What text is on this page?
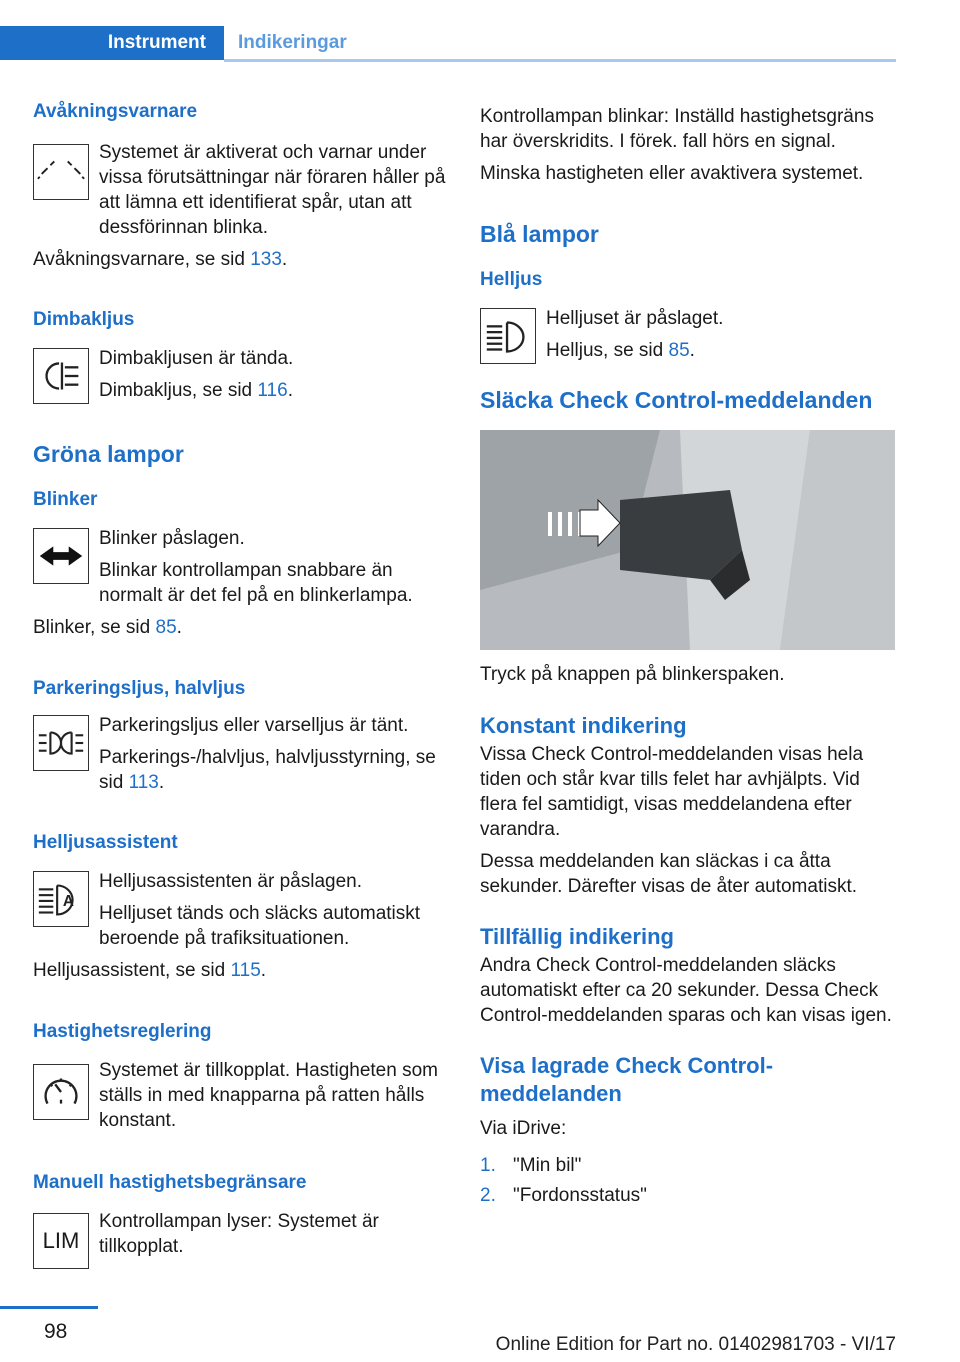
Instrument Indikeringar
Avåkningsvarnare

Systemet är aktiverat och varnar under vissa förutsättningar när föraren håller på att lämna ett identifierat spår, utan att dessförinnan blinka.

Avåkningsvarnare, se sid 133.

Dimbakljus

Dimbakljusen är tända.

Dimbakljus, se sid 116.

Gröna lampor
Blinker

Blinker påslagen.

Blinkar kontrollampan snabbare än normalt är det fel på en blinkerlampa.

Blinker, se sid 85.

Parkeringsljus, halvljus

Parkeringsljus eller varselljus är tänt.

Parkerings-/halvljus, halvljusstyrning, se sid 113.

Helljusassistent
A

Helljusassistenten är påslagen.

Helljuset tänds och släcks automatiskt beroende på trafiksituationen.

Helljusassistent, se sid 115.

Hastighetsreglering

Systemet är tillkopplat. Hastigheten som ställs in med knapparna på ratten hålls konstant.

Manuell hastighetsbegränsare
LIM

Kontrollampan lyser: Systemet är tillkopplat.

Kontrollampan blinkar: Inställd hastighetsgräns har överskridits. I förek. fall hörs en signal.

Minska hastigheten eller avaktivera systemet.

Blå lampor
Helljus

Helljuset är påslaget.

Helljus, se sid 85.

Släcka Check Control-meddelanden

Tryck på knappen på blinkerspaken.

Konstant indikering

Vissa Check Control-meddelanden visas hela tiden och står kvar tills felet har avhjälpts. Vid flera fel samtidigt, visas meddelandena efter varandra.

Dessa meddelanden kan släckas i ca åtta sekunder. Därefter visas de åter automatiskt.

Tillfällig indikering

Andra Check Control-meddelanden släcks automatiskt efter ca 20 sekunder. Dessa Check Control-meddelanden sparas och kan visas igen.

Visa lagrade Check Control-meddelanden

Via iDrive:

1. "Min bil"
2. "Fordonsstatus"
98
Online Edition for Part no. 01402981703 - VI/17
